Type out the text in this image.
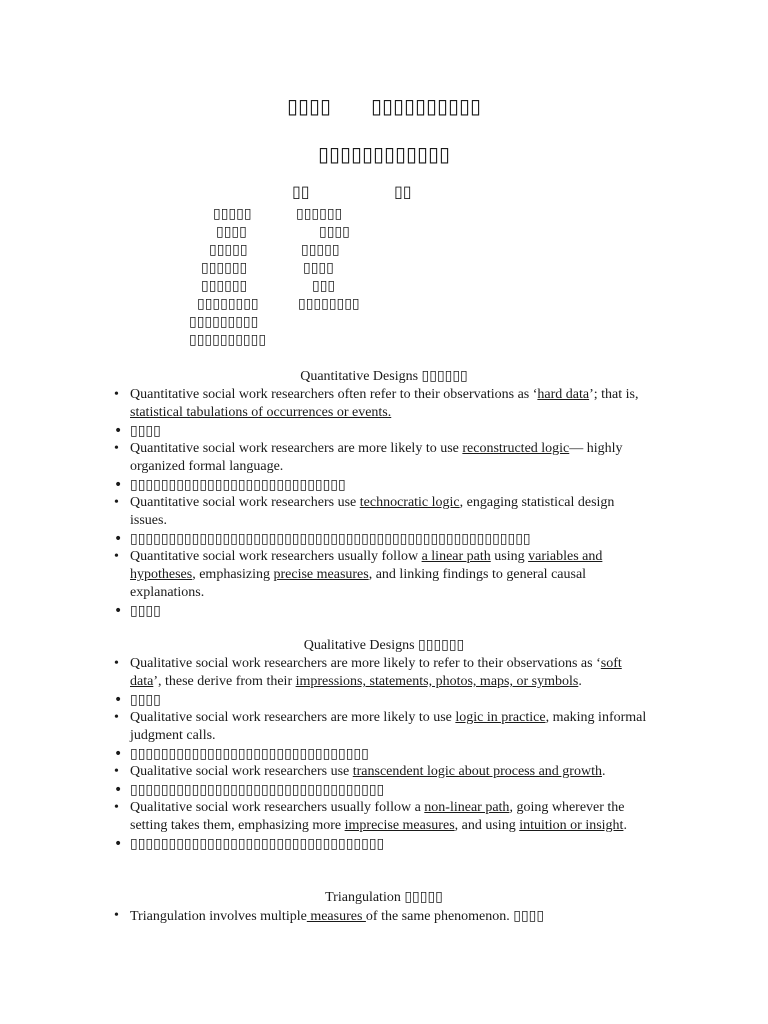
▯▯▯▯ ▯▯▯▯▯▯▯▯▯▯
▯▯▯▯▯▯▯▯▯▯▯▯
▯▯	▯▯
▯▯▯▯▯	▯▯▯▯▯▯
▯▯▯▯	▯▯▯▯
▯▯▯▯▯	▯▯▯▯▯
▯▯▯▯▯▯	▯▯▯▯
▯▯▯▯▯▯	▯▯▯
▯▯▯▯▯▯▯▯	▯▯▯▯▯▯▯▯
▯▯▯▯▯▯▯▯▯
▯▯▯▯▯▯▯▯▯▯
Quantitative Designs ▯▯▯▯▯▯
• Quantitative social work researchers often refer to their observations as ‘hard data’; that is, statistical tabulations of occurrences or events.
• ▯▯▯▯
• Quantitative social work researchers are more likely to use reconstructed logic— highly organized formal language.
• ▯▯▯▯▯▯▯▯▯▯▯▯▯▯▯▯▯▯▯▯▯▯▯▯▯▯▯▯
• Quantitative social work researchers use technocratic logic, engaging statistical design issues.
• ▯▯▯▯▯▯▯▯▯▯▯▯▯▯▯▯▯▯▯▯▯▯▯▯▯▯▯▯▯▯▯▯▯▯▯▯▯▯▯▯▯▯▯▯▯▯▯▯▯▯▯▯
• Quantitative social work researchers usually follow a linear path using variables and hypotheses, emphasizing precise measures, and linking findings to general causal explanations.
• ▯▯▯▯
Qualitative Designs ▯▯▯▯▯▯
• Qualitative social work researchers are more likely to refer to their observations as ‘soft data’, these derive from their impressions, statements, photos, maps, or symbols.
• ▯▯▯▯
• Qualitative social work researchers are more likely to use logic in practice, making informal judgment calls.
• ▯▯▯▯▯▯▯▯▯▯▯▯▯▯▯▯▯▯▯▯▯▯▯▯▯▯▯▯▯▯▯
• Qualitative social work researchers use transcendent logic about process and growth.
• ▯▯▯▯▯▯▯▯▯▯▯▯▯▯▯▯▯▯▯▯▯▯▯▯▯▯▯▯▯▯▯▯▯
• Qualitative social work researchers usually follow a non-linear path, going wherever the setting takes them, emphasizing more imprecise measures, and using intuition or insight.
• ▯▯▯▯▯▯▯▯▯▯▯▯▯▯▯▯▯▯▯▯▯▯▯▯▯▯▯▯▯▯▯▯▯
Triangulation ▯▯▯▯▯
• Triangulation involves multiple measures of the same phenomenon. ▯▯▯▯
